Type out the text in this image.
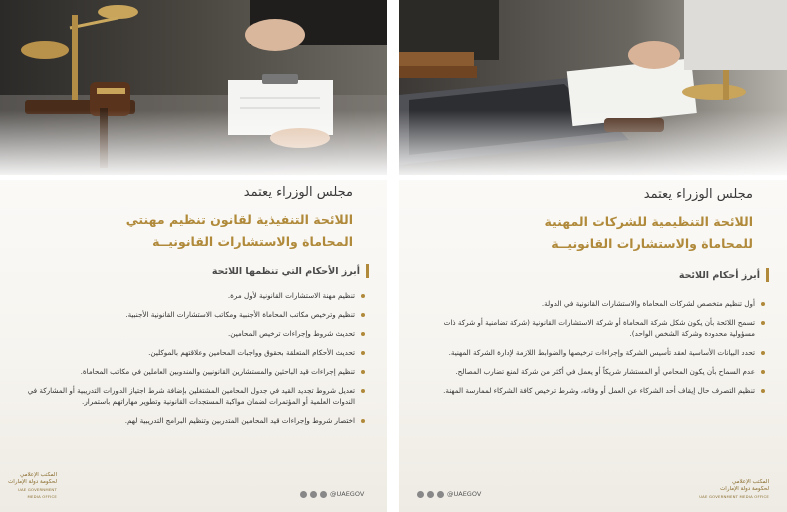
مجلس الوزراء يعتمد
اللائحة التنفيذية لقانون تنظيم مهنتي
المحاماة والاستشارات القانونيــة
أبرز الأحكام التي تنظمها اللائحة
تنظيم مهنة الاستشارات القانونية لأول مرة.
تنظيم وترخيص مكاتب المحاماة الأجنبية ومكاتب الاستشارات القانونية الأجنبية.
تحديث شروط وإجراءات ترخيص المحامين.
تحديث الأحكام المتعلقة بحقوق وواجبات المحامين وعلاقتهم بالموكلين.
تنظيم إجراءات قيد الباحثين والمستشارين القانونيين والمندوبين العاملين في مكاتب المحاماة.
تعديل شروط تجديد القيد في جدول المحامين المشتغلين بإضافة شرط اجتياز الدورات التدريبية أو المشاركة في الندوات العلمية أو المؤتمرات لضمان مواكبة المستجدات القانونية وتطوير مهاراتهم باستمرار.
اختصار شروط وإجراءات قيد المحامين المتدربين وتنظيم البرامج التدريبية لهم.
المكتب الإعلامي
لحكومة دولة الإمارات
UAE GOVERNMENT MEDIA OFFICE	@UAEGOV
مجلس الوزراء يعتمد
اللائحة التنظيمية للشركات المهنية
للمحاماة والاستشارات القانونيــة
أبرز أحكام اللائحة
أول تنظيم متخصص لشركات المحاماة والاستشارات القانونية في الدولة.
تسمح اللائحة بأن يكون شكل شركة المحاماة أو شركة الاستشارات القانونية (شركة تضامنية أو شركة ذات مسؤولية محدودة وشركة الشخص الواحد).
تحدد البيانات الأساسية لعقد تأسيس الشركة وإجراءات ترخيصها والضوابط اللازمة لإدارة الشركة المهنية.
عدم السماح بأن يكون المحامي أو المستشار شريكاً أو يعمل في أكثر من شركة لمنع تضارب المصالح.
تنظيم التصرف حال إيقاف أحد الشركاء عن العمل أو وفاته، وشرط ترخيص كافة الشركاء لممارسة المهنة.
المكتب الإعلامي
لحكومة دولة الإمارات
UAE GOVERNMENT MEDIA OFFICE
@UAEGOV
